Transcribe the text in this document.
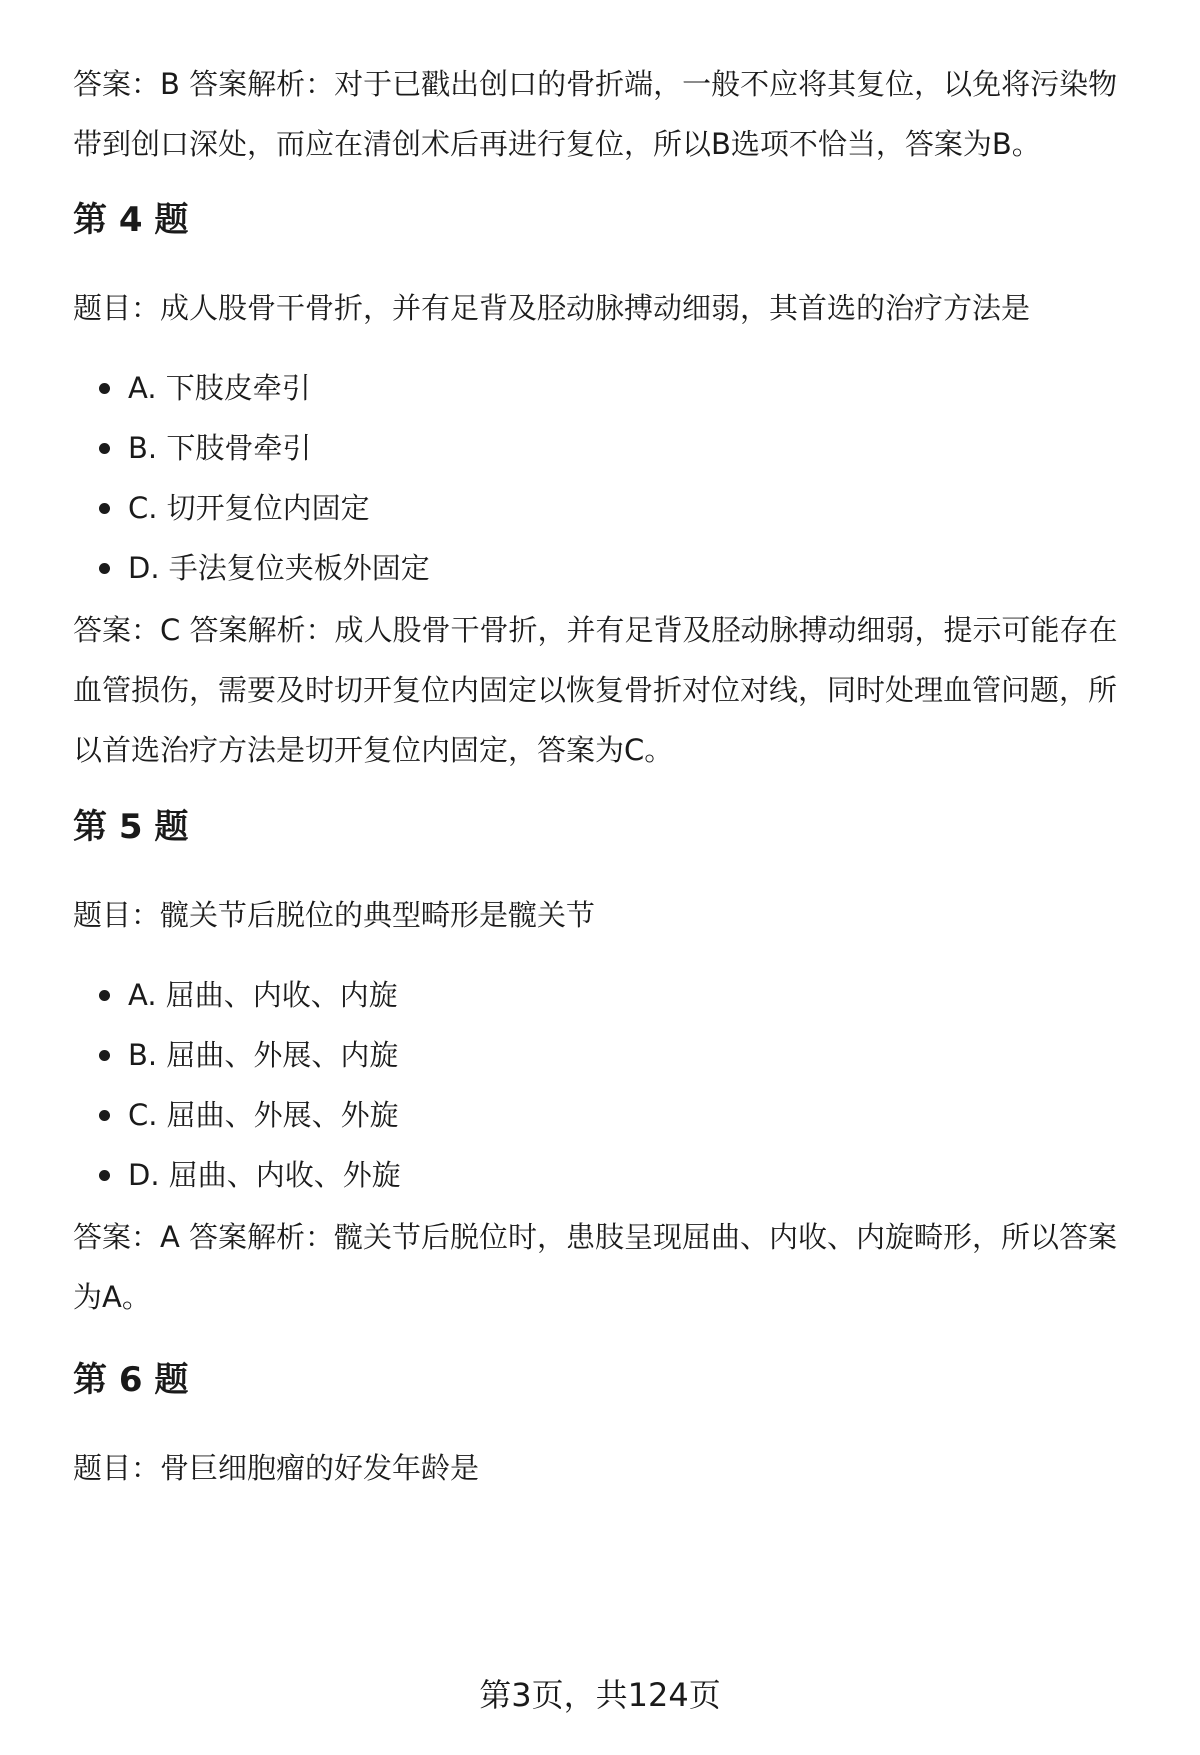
答案：B 答案解析：对于已戳出创口的骨折端，一般不应将其复位，以免将污染物带到创口深处，而应在清创术后再进行复位，所以B选项不恰当，答案为B。

第 4 题

题目：成人股骨干骨折，并有足背及胫动脉搏动细弱，其首选的治疗方法是

A. 下肢皮牵引
B. 下肢骨牵引
C. 切开复位内固定
D. 手法复位夹板外固定

答案：C 答案解析：成人股骨干骨折，并有足背及胫动脉搏动细弱，提示可能存在血管损伤，需要及时切开复位内固定以恢复骨折对位对线，同时处理血管问题，所以首选治疗方法是切开复位内固定，答案为C。

第 5 题

题目：髋关节后脱位的典型畸形是髋关节

A. 屈曲、内收、内旋
B. 屈曲、外展、内旋
C. 屈曲、外展、外旋
D. 屈曲、内收、外旋

答案：A 答案解析：髋关节后脱位时，患肢呈现屈曲、内收、内旋畸形，所以答案为A。

第 6 题

题目：骨巨细胞瘤的好发年龄是

第3页，共124页
